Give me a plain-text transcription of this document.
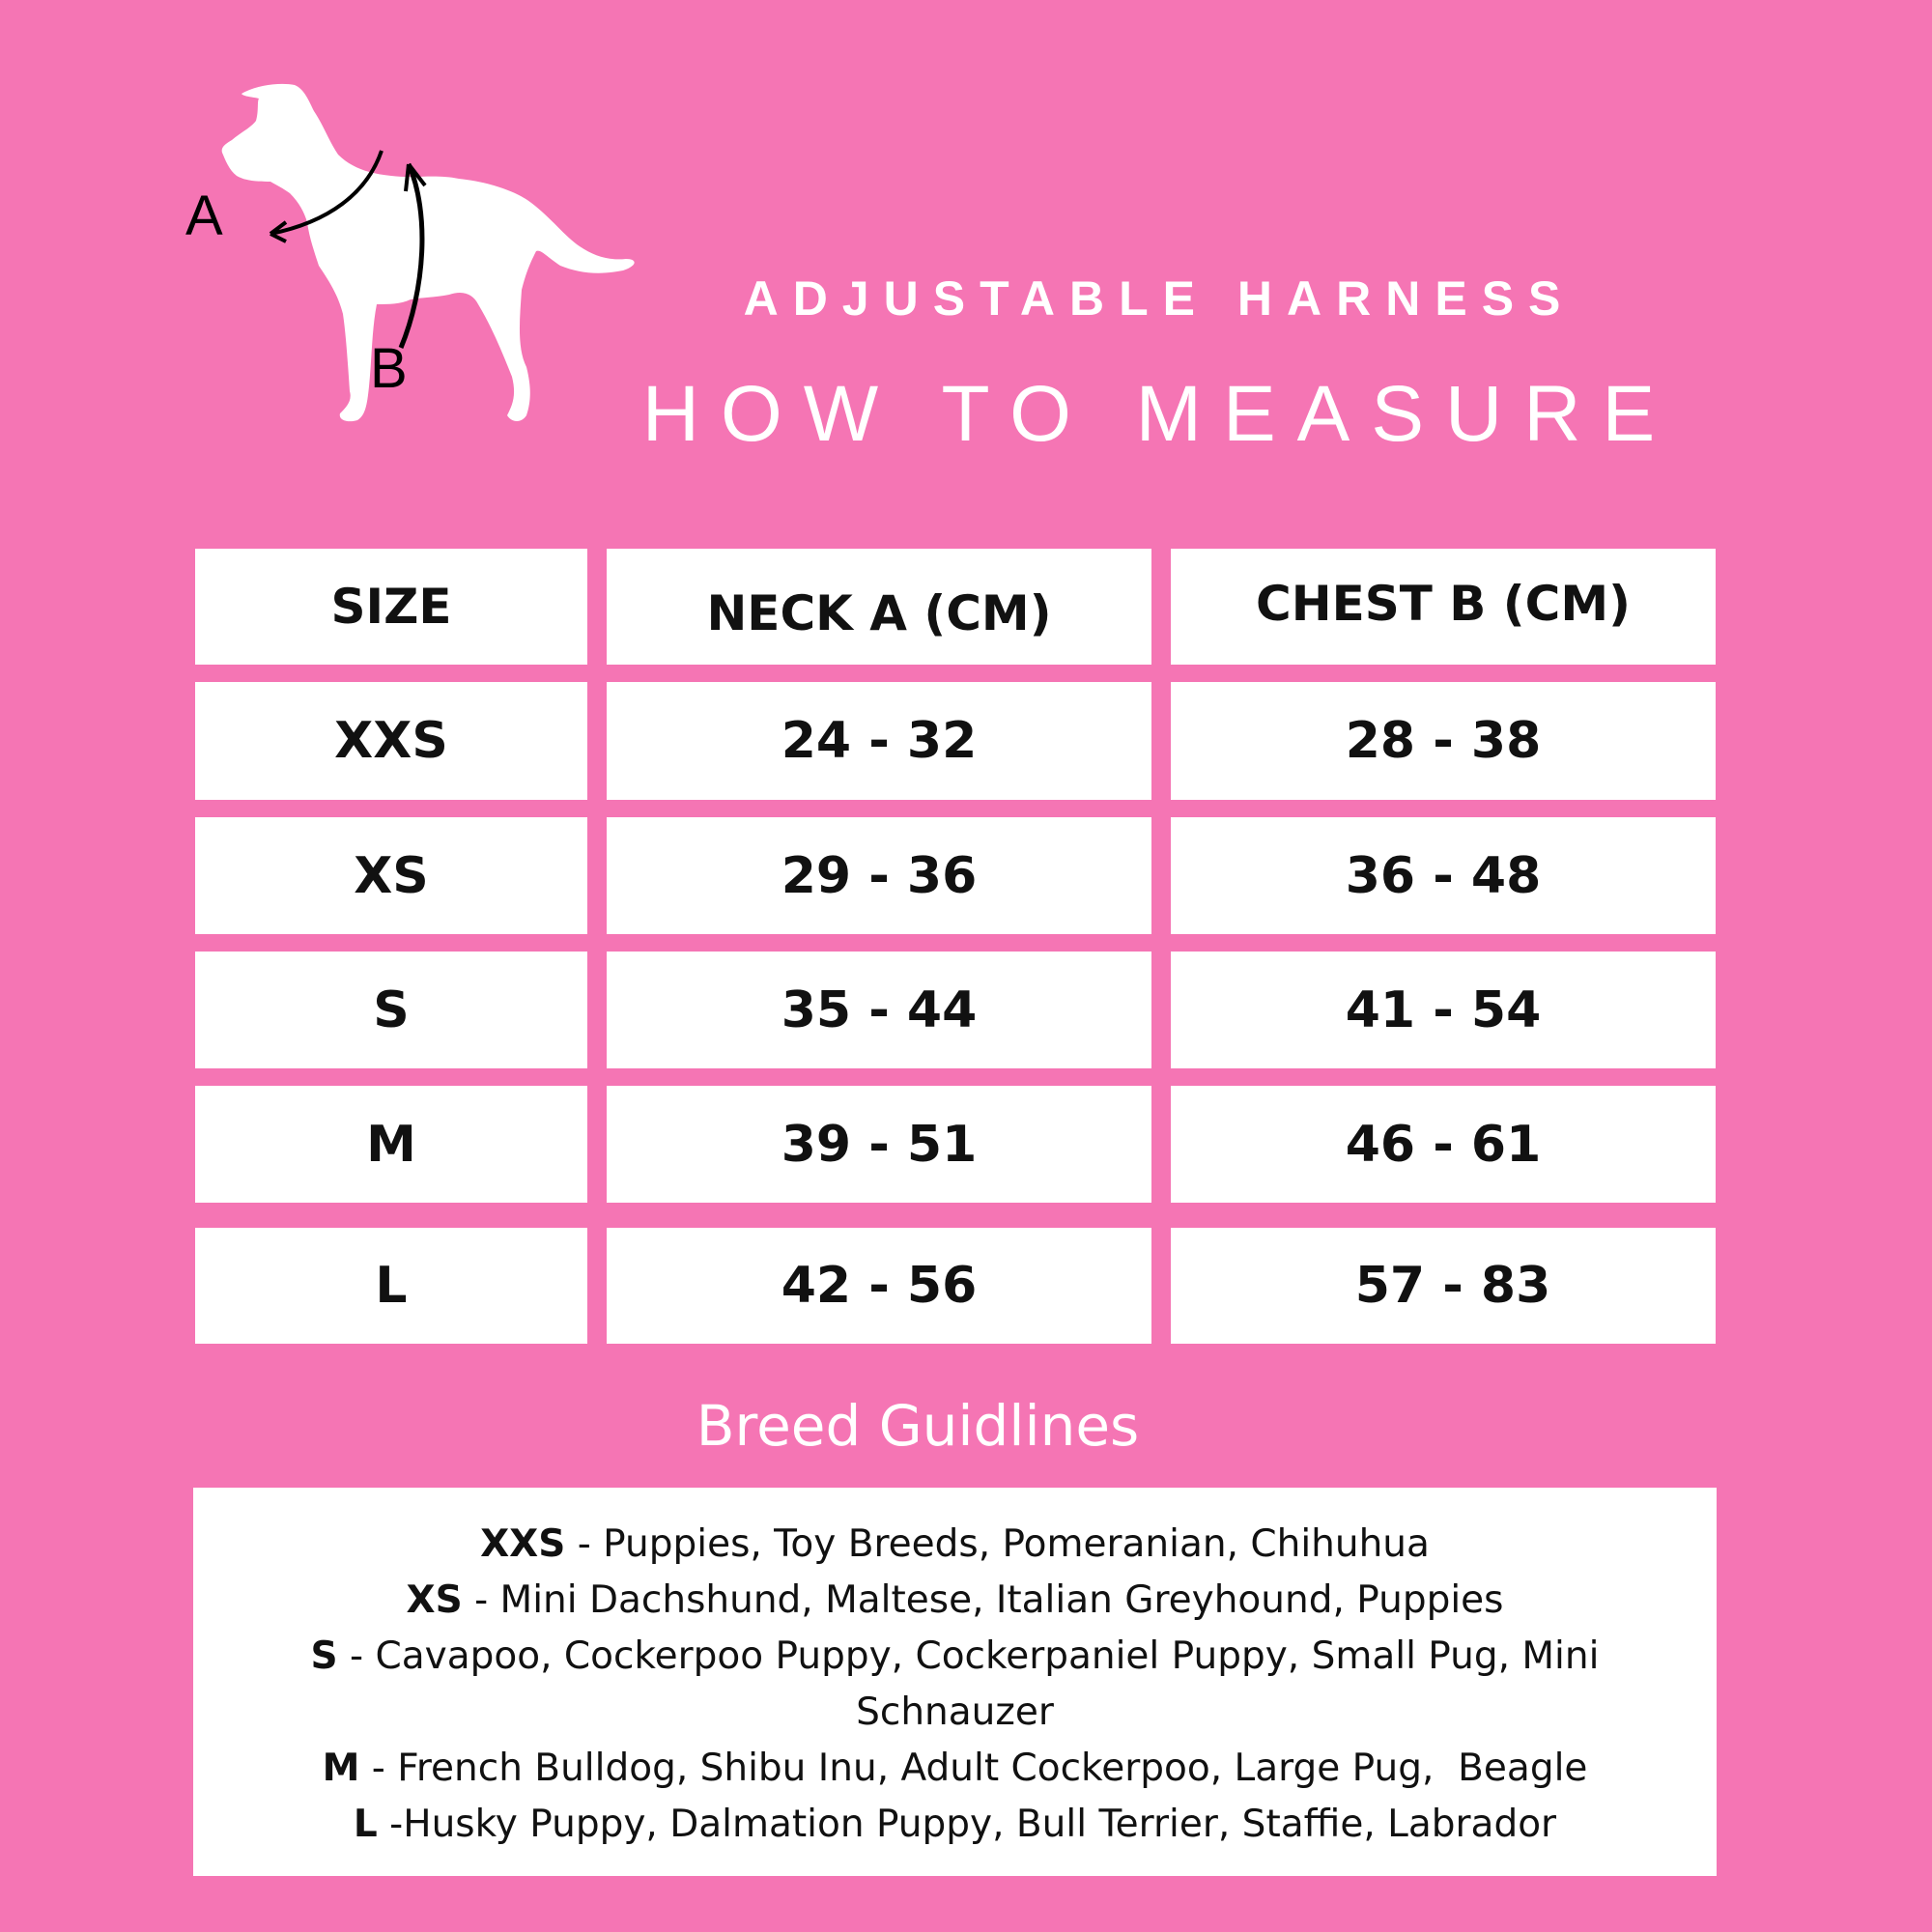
A
B
ADJUSTABLE HARNESS
HOW TO MEASURE
SIZE	NECK A (CM)	CHEST B (CM)
XXS	24 - 32	28 - 38
XS	29 - 36	36 - 48
S	35 - 44	41 - 54
M	39 - 51	46 - 61
L	42 - 56	57 - 83
Breed Guidlines
XXS - Puppies, Toy Breeds, Pomeranian, Chihuhua
XS - Mini Dachshund, Maltese, Italian Greyhound, Puppies
S - Cavapoo, Cockerpoo Puppy, Cockerpaniel Puppy, Small Pug, Mini Schnauzer
M - French Bulldog, Shibu Inu, Adult Cockerpoo, Large Pug,  Beagle
L -Husky Puppy, Dalmation Puppy, Bull Terrier, Staffie, Labrador
